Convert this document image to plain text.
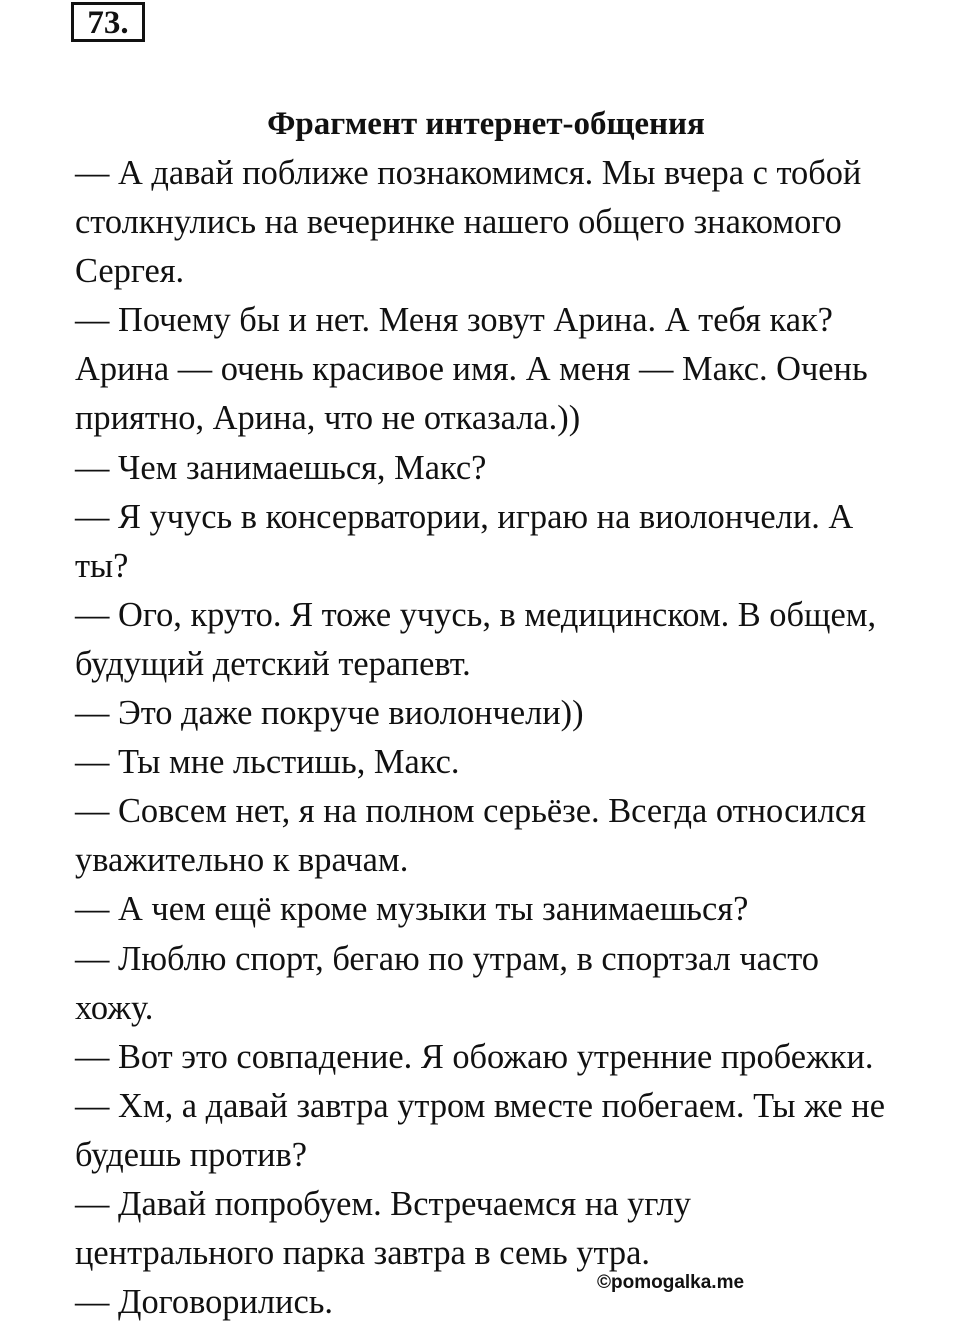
73.
Фрагмент интернет-общения

— А давай поближе познакомимся. Мы вчера с тобой
столкнулись на вечеринке нашего общего знакомого
Сергея.

— Почему бы и нет. Меня зовут Арина. А тебя как?
Арина — очень красивое имя. А меня — Макс. Очень
приятно, Арина, что не отказала.))

— Чем занимаешься, Макс?

— Я учусь в консерватории, играю на виолончели. А
ты?

— Ого, круто. Я тоже учусь, в медицинском. В общем,
будущий детский терапевт.

— Это даже покруче виолончели))

— Ты мне льстишь, Макс.

— Совсем нет, я на полном серьёзе. Всегда относился
уважительно к врачам.

— А чем ещё кроме музыки ты занимаешься?

— Люблю спорт, бегаю по утрам, в спортзал часто
хожу.

— Вот это совпадение. Я обожаю утренние пробежки.

— Хм, а давай завтра утром вместе побегаем. Ты же не
будешь против?

— Давай попробуем. Встречаемся на углу
центрального парка завтра в семь утра.

— Договорились.

©pomogalka.me
